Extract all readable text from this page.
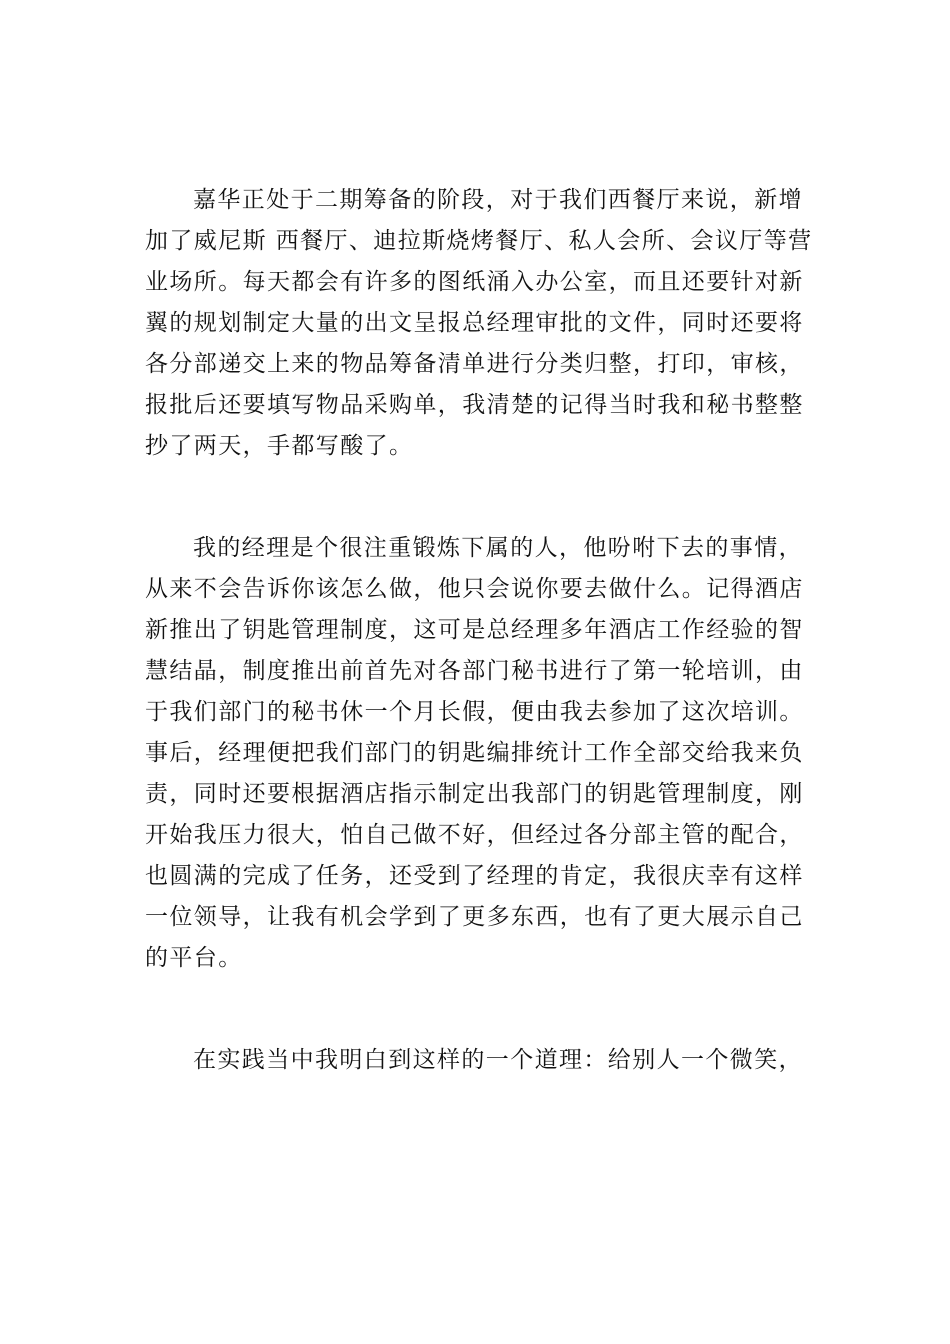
嘉华正处于二期筹备的阶段，对于我们西餐厅来说，新增
加了威尼斯 西餐厅、迪拉斯烧烤餐厅、私人会所、会议厅等营
业场所。每天都会有许多的图纸涌入办公室，而且还要针对新
翼的规划制定大量的出文呈报总经理审批的文件，同时还要将
各分部递交上来的物品筹备清单进行分类归整，打印，审核，
报批后还要填写物品采购单，我清楚的记得当时我和秘书整整
抄了两天，手都写酸了。

我的经理是个很注重锻炼下属的人，他吩咐下去的事情，
从来不会告诉你该怎么做，他只会说你要去做什么。记得酒店
新推出了钥匙管理制度，这可是总经理多年酒店工作经验的智
慧结晶，制度推出前首先对各部门秘书进行了第一轮培训，由
于我们部门的秘书休一个月长假，便由我去参加了这次培训。
事后，经理便把我们部门的钥匙编排统计工作全部交给我来负
责，同时还要根据酒店指示制定出我部门的钥匙管理制度，刚
开始我压力很大，怕自己做不好，但经过各分部主管的配合，
也圆满的完成了任务，还受到了经理的肯定，我很庆幸有这样
一位领导，让我有机会学到了更多东西，也有了更大展示自己
的平台。

在实践当中我明白到这样的一个道理：给别人一个微笑，
